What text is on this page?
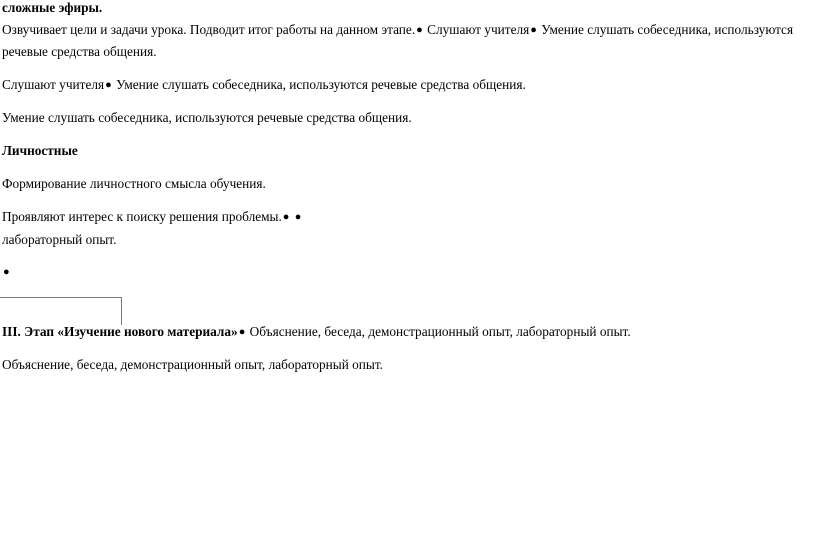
сложные эфиры.
Озвучивает цели и задачи урока. Подводит итог работы на данном этапе.● Слушают учителя● Умение слушать собеседника, используются
речевые средства общения.
Слушают учителя● Умение слушать собеседника, используются речевые средства общения.
Умение слушать собеседника, используются речевые средства общения.
Личностные
Формирование личностного смысла обучения.
Проявляют интерес к поиску решения проблемы.● ●
лабораторный опыт.
●
III. Этап «Изучение нового материала»● Объяснение, беседа, демонстрационный опыт, лабораторный опыт.
Объяснение, беседа, демонстрационный опыт, лабораторный опыт.
